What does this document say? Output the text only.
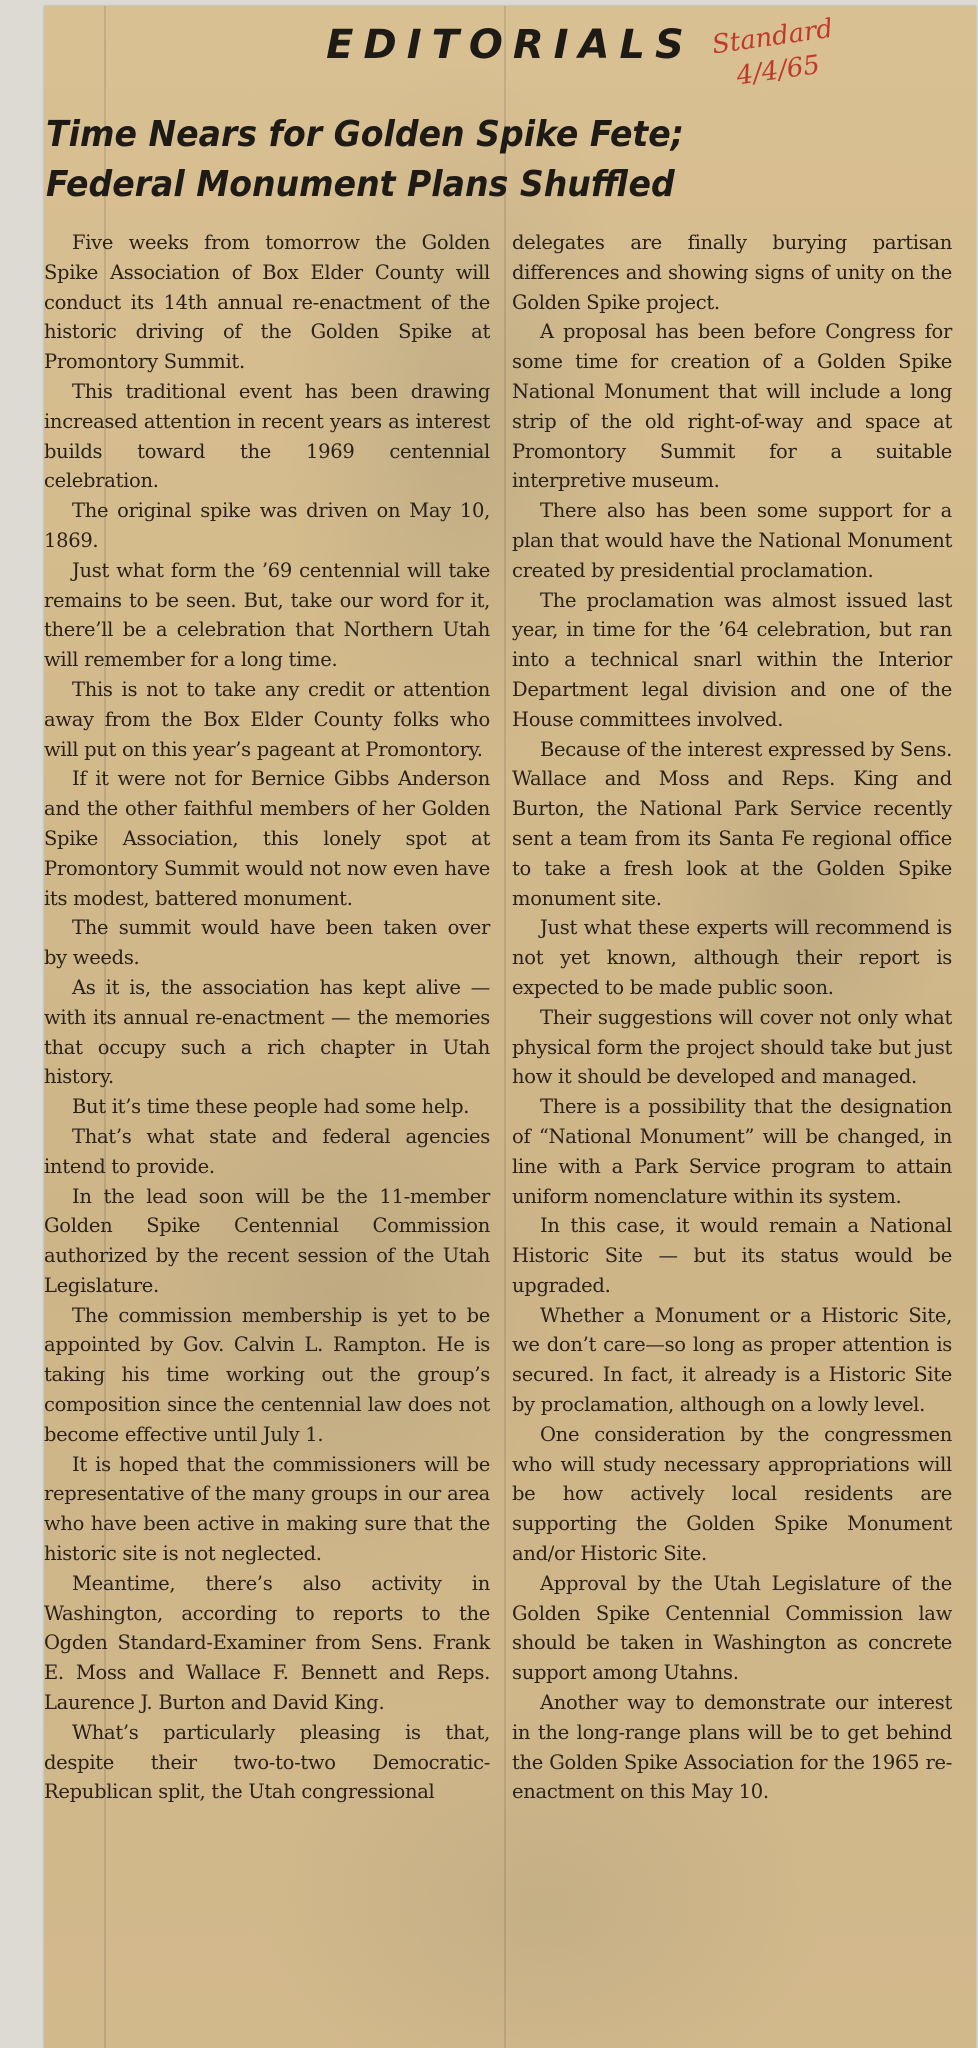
EDITORIALS Standard
4/4/65
Time Nears for Golden Spike Fete;
Federal Monument Plans Shuffled

Five weeks from tomorrow the Golden Spike Association of Box Elder County will conduct its 14th annual re-enactment of the historic driving of the Golden Spike at Promontory Summit.

This traditional event has been drawing increased attention in recent years as interest builds toward the 1969 centennial celebration.

The original spike was driven on May 10, 1869.

Just what form the ’69 centennial will take remains to be seen. But, take our word for it, there’ll be a celebration that Northern Utah will remember for a long time.

This is not to take any credit or attention away from the Box Elder County folks who will put on this year’s pageant at Promontory.

If it were not for Bernice Gibbs Anderson and the other faithful members of her Golden Spike Association, this lonely spot at Promontory Summit would not now even have its modest, battered monument.

The summit would have been taken over by weeds.

As it is, the association has kept alive —with its annual re-enactment — the memories that occupy such a rich chapter in Utah history.

But it’s time these people had some help.

That’s what state and federal agencies intend to provide.

In the lead soon will be the 11-member Golden Spike Centennial Commission authorized by the recent session of the Utah Legislature.

The commission membership is yet to be appointed by Gov. Calvin L. Rampton. He is taking his time working out the group’s composition since the centennial law does not become effective until July 1.

It is hoped that the commissioners will be representative of the many groups in our area who have been active in making sure that the historic site is not neglected.

Meantime, there’s also activity in Washington, according to reports to the Ogden Standard-Examiner from Sens. Frank E. Moss and Wallace F. Bennett and Reps. Laurence J. Burton and David King.

What’s particularly pleasing is that, despite their two-to-two Democratic-Republican split, the Utah congressional

delegates are finally burying partisan differences and showing signs of unity on the Golden Spike project.

A proposal has been before Congress for some time for creation of a Golden Spike National Monument that will include a long strip of the old right-of-way and space at Promontory Summit for a suitable interpretive museum.

There also has been some support for a plan that would have the National Monument created by presidential proclamation.

The proclamation was almost issued last year, in time for the ’64 celebration, but ran into a technical snarl within the Interior Department legal division and one of the House committees involved.

Because of the interest expressed by Sens. Wallace and Moss and Reps. King and Burton, the National Park Service recently sent a team from its Santa Fe regional office to take a fresh look at the Golden Spike monument site.

Just what these experts will recommend is not yet known, although their report is expected to be made public soon.

Their suggestions will cover not only what physical form the project should take but just how it should be developed and managed.

There is a possibility that the designation of “National Monument” will be changed, in line with a Park Service program to attain uniform nomenclature within its system.

In this case, it would remain a National Historic Site — but its status would be upgraded.

Whether a Monument or a Historic Site, we don’t care—so long as proper attention is secured. In fact, it already is a Historic Site by proclamation, although on a lowly level.

One consideration by the congressmen who will study necessary appropriations will be how actively local residents are supporting the Golden Spike Monument and/or Historic Site.

Approval by the Utah Legislature of the Golden Spike Centennial Commission law should be taken in Washington as concrete support among Utahns.

Another way to demonstrate our interest in the long-range plans will be to get behind the Golden Spike Association for the 1965 re-enactment on this May 10.
